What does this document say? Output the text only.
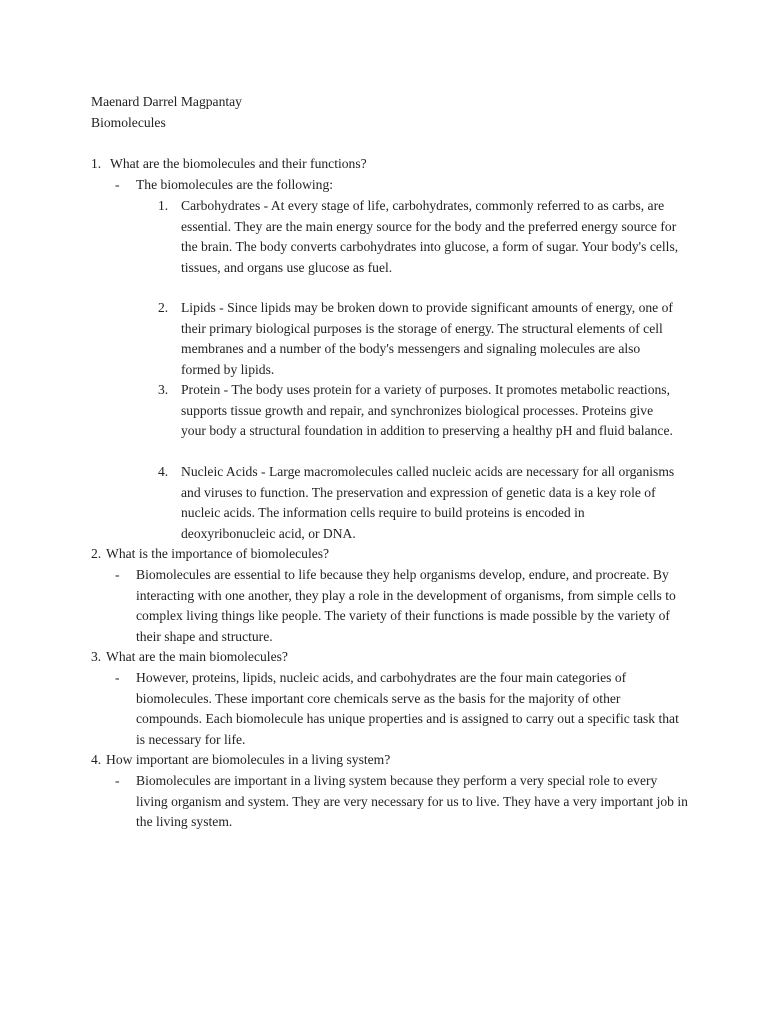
Maenard Darrel Magpantay
Biomolecules
1. What are the biomolecules and their functions?
- The biomolecules are the following:
1. Carbohydrates - At every stage of life, carbohydrates, commonly referred to as carbs, are essential. They are the main energy source for the body and the preferred energy source for the brain. The body converts carbohydrates into glucose, a form of sugar. Your body's cells, tissues, and organs use glucose as fuel.
2. Lipids - Since lipids may be broken down to provide significant amounts of energy, one of their primary biological purposes is the storage of energy. The structural elements of cell membranes and a number of the body's messengers and signaling molecules are also formed by lipids.
3. Protein - The body uses protein for a variety of purposes. It promotes metabolic reactions, supports tissue growth and repair, and synchronizes biological processes. Proteins give your body a structural foundation in addition to preserving a healthy pH and fluid balance.
4. Nucleic Acids - Large macromolecules called nucleic acids are necessary for all organisms and viruses to function. The preservation and expression of genetic data is a key role of nucleic acids. The information cells require to build proteins is encoded in deoxyribonucleic acid, or DNA.
2. What is the importance of biomolecules?
- Biomolecules are essential to life because they help organisms develop, endure, and procreate. By interacting with one another, they play a role in the development of organisms, from simple cells to complex living things like people. The variety of their functions is made possible by the variety of their shape and structure.
3. What are the main biomolecules?
- However, proteins, lipids, nucleic acids, and carbohydrates are the four main categories of biomolecules. These important core chemicals serve as the basis for the majority of other compounds. Each biomolecule has unique properties and is assigned to carry out a specific task that is necessary for life.
4. How important are biomolecules in a living system?
- Biomolecules are important in a living system because they perform a very special role to every living organism and system. They are very necessary for us to live. They have a very important job in the living system.
